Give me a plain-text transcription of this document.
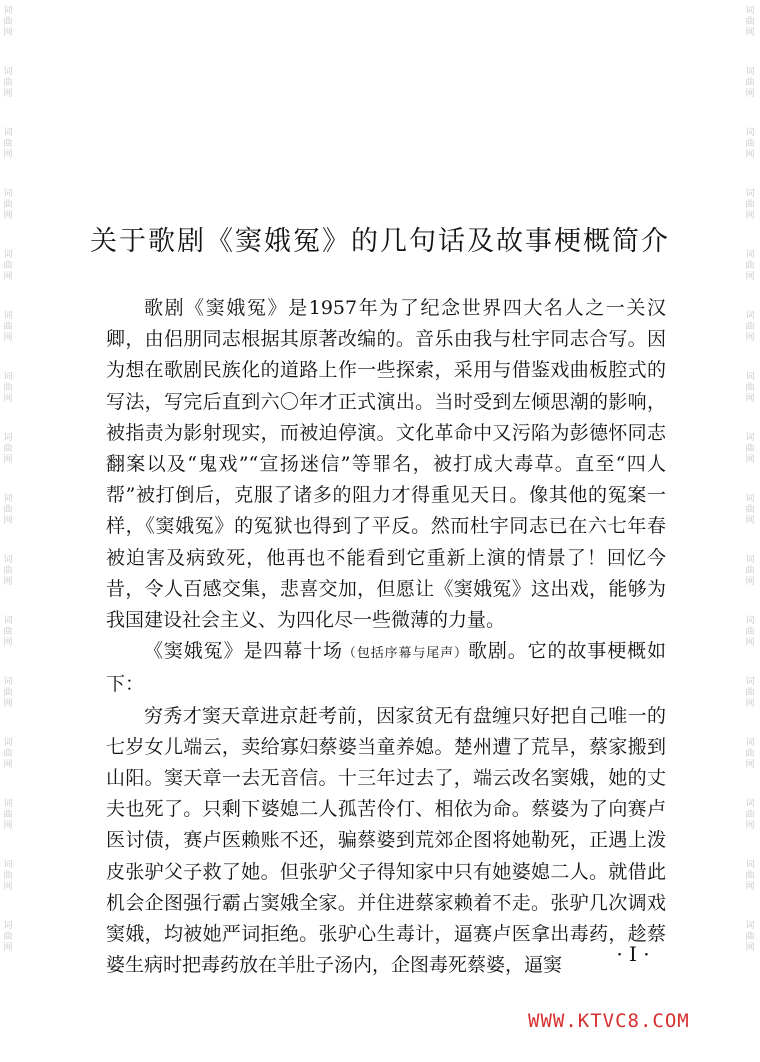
词
曲
网
词
曲
网
词
曲
网
词
曲
网
词
曲
网
词
曲
网
词
曲
网
词
曲
网
词
曲
网
词
曲
网
词
曲
网
词
曲
网
词
曲
网
词
曲
网
词
曲
网
词
曲
网
词
曲
网
词
曲
网
词
曲
网
词
曲
网
词
曲
网
词
曲
网
词
曲
网
词
曲
网
词
曲
网
词
曲
网
词
曲
网
词
曲
网
词
曲
网
词
曲
网
词
曲
网
词
曲
网
关于歌剧《窦娥冤》的几句话及故事梗概简介

歌剧《窦娥冤》是1957年为了纪念世界四大名人之一关汉卿，由侣朋同志根据其原著改编的。音乐由我与杜宇同志合写。因为想在歌剧民族化的道路上作一些探索，采用与借鉴戏曲板腔式的写法，写完后直到六〇年才正式演出。当时受到左倾思潮的影响，被指责为影射现实，而被迫停演。文化革命中又污陷为彭德怀同志翻案以及“鬼戏”“宣扬迷信”等罪名，被打成大毒草。直至“四人帮”被打倒后，克服了诸多的阻力才得重见天日。像其他的冤案一样，《窦娥冤》的冤狱也得到了平反。然而杜宇同志已在六七年春被迫害及病致死，他再也不能看到它重新上演的情景了！回忆今昔，令人百感交集，悲喜交加，但愿让《窦娥冤》这出戏，能够为我国建设社会主义、为四化尽一些微薄的力量。

《窦娥冤》是四幕十场（包括序幕与尾声）歌剧。它的故事梗概如下：

穷秀才窦天章进京赶考前，因家贫无有盘缠只好把自己唯一的七岁女儿端云，卖给寡妇蔡婆当童养媳。楚州遭了荒旱，蔡家搬到山阳。窦天章一去无音信。十三年过去了，端云改名窦娥，她的丈夫也死了。只剩下婆媳二人孤苦伶仃、相依为命。蔡婆为了向赛卢医讨债，赛卢医赖账不还，骗蔡婆到荒郊企图将她勒死，正遇上泼皮张驴父子救了她。但张驴父子得知家中只有她婆媳二人。就借此机会企图强行霸占窦娥全家。并住进蔡家赖着不走。张驴几次调戏窦娥，均被她严词拒绝。张驴心生毒计，逼赛卢医拿出毒药，趁蔡婆生病时把毒药放在羊肚子汤内，企图毒死蔡婆，逼窦	· I ·
WWW.KTVC8.COM
